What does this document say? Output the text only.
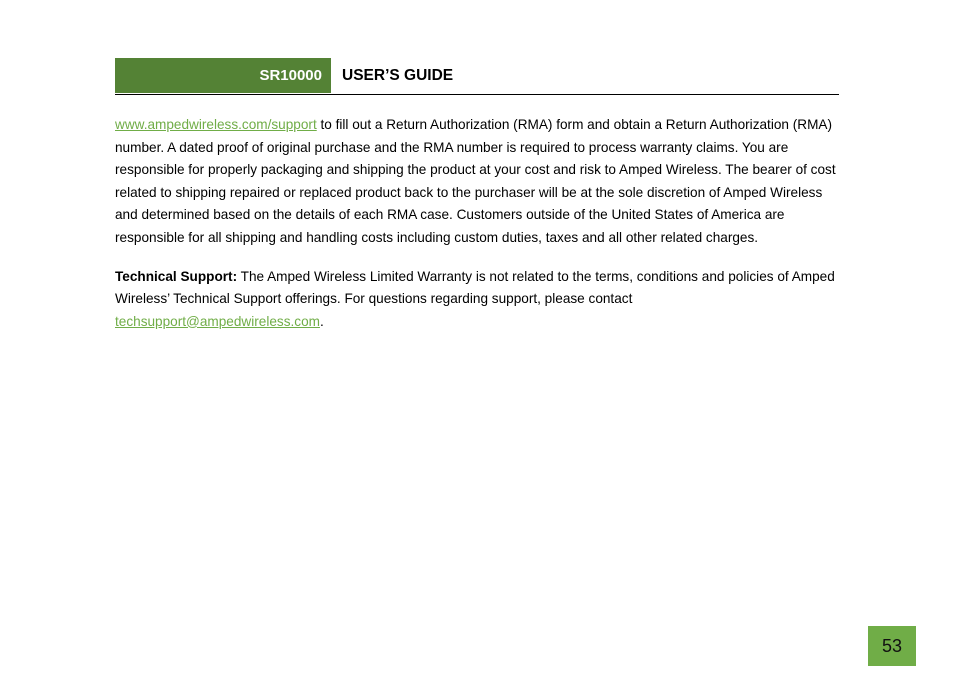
SR10000 USER’S GUIDE

www.ampedwireless.com/support to fill out a Return Authorization (RMA) form and obtain a Return Authorization (RMA) number. A dated proof of original purchase and the RMA number is required to process warranty claims. You are responsible for properly packaging and shipping the product at your cost and risk to Amped Wireless. The bearer of cost related to shipping repaired or replaced product back to the purchaser will be at the sole discretion of Amped Wireless and determined based on the details of each RMA case. Customers outside of the United States of America are responsible for all shipping and handling costs including custom duties, taxes and all other related charges.

Technical Support: The Amped Wireless Limited Warranty is not related to the terms, conditions and policies of Amped Wireless’ Technical Support offerings. For questions regarding support, please contact techsupport@ampedwireless.com.

53
